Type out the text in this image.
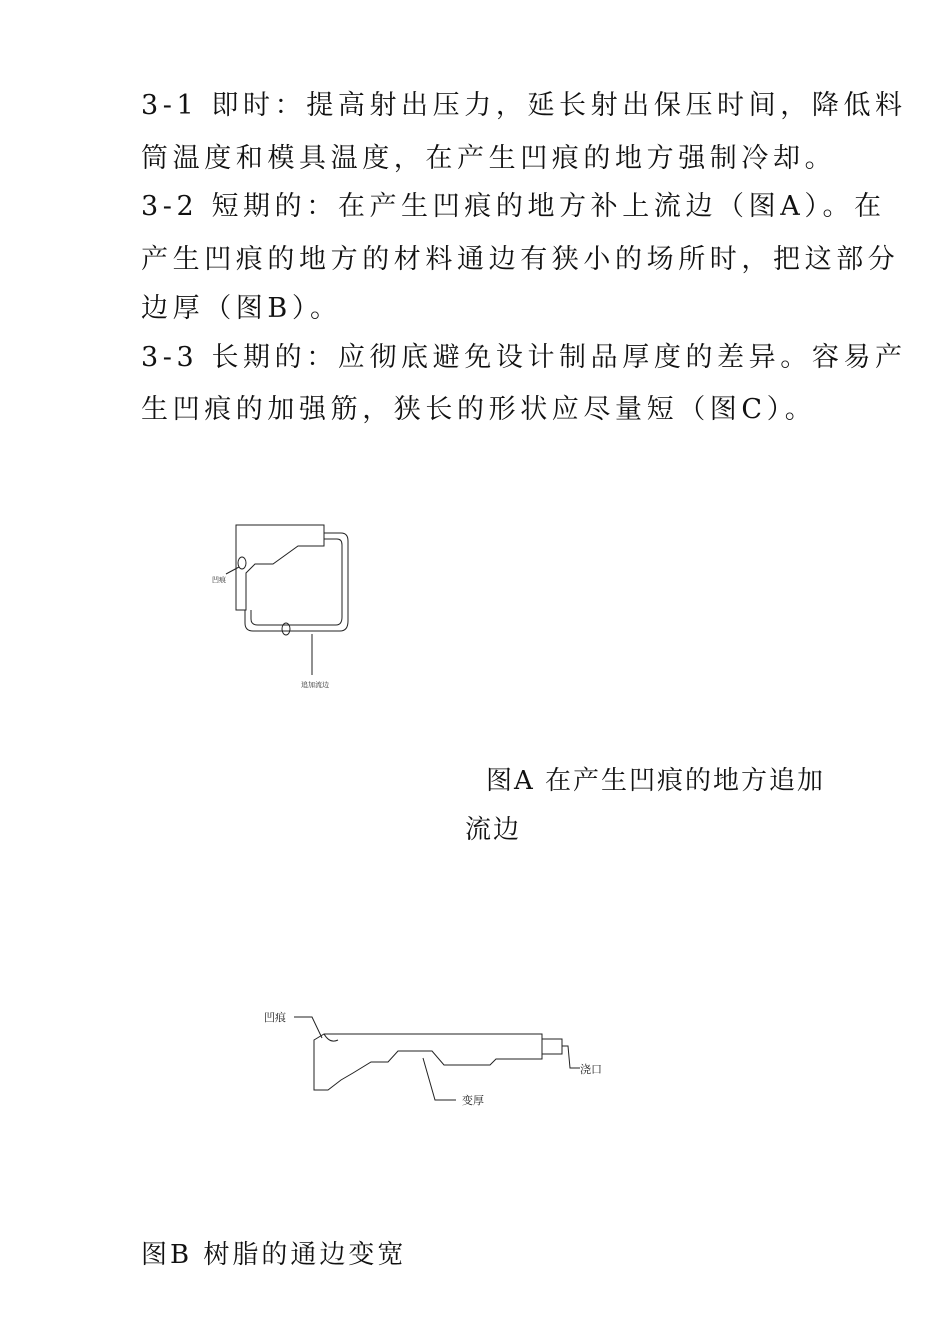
3-1 即时：提高射出压力，延长射出保压时间，降低料
筒温度和模具温度，在产生凹痕的地方强制冷却。
3-2 短期的：在产生凹痕的地方补上流边（图A）。在
产生凹痕的地方的材料通边有狭小的场所时，把这部分
边厚（图B）。
3-3 长期的：应彻底避免设计制品厚度的差异。容易产
生凹痕的加强筋，狭长的形状应尽量短（图C）。
凹痕
追加流边
图A 在产生凹痕的地方追加
流边
凹痕
浇口
变厚
图B 树脂的通边变宽
